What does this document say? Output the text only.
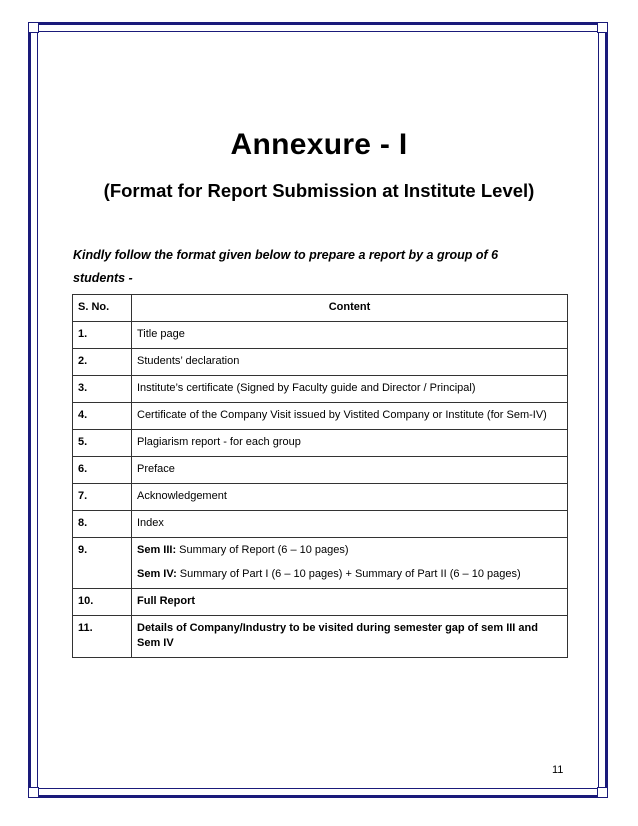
Annexure - I
(Format for Report Submission at Institute Level)
Kindly follow the format given below to prepare a report by a group of 6 students -
S. No.	Content
1.	Title page
2.	Students’ declaration
3.	Institute’s certificate (Signed by Faculty guide and Director / Principal)
4.	Certificate of the Company Visit issued by Vistited Company or Institute (for Sem-IV)
5.	Plagiarism report - for each group
6.	Preface
7.	Acknowledgement
8.	Index
9.	Sem III: Summary of Report (6 – 10 pages)
Sem IV: Summary of Part I (6 – 10 pages) + Summary of Part II (6 – 10 pages)

10.	Full Report
11.	Details of Company/Industry to be visited during semester gap of sem III and Sem IV
11
